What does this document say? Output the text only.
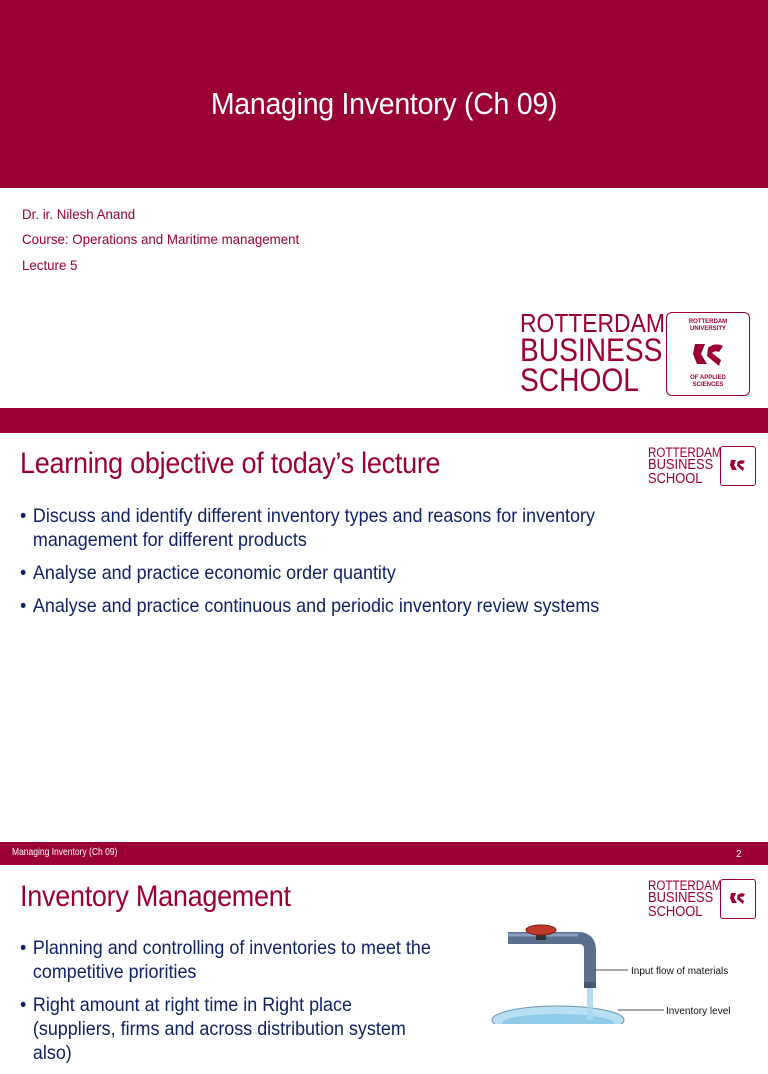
Managing Inventory (Ch 09)
Dr. ir. Nilesh Anand
Course: Operations and Maritime management
Lecture 5
ROTTERDAM
BUSINESS
SCHOOL
ROTTERDAM UNIVERSITY
OF APPLIED SCIENCES
Learning objective of today’s lecture	ROTTERDAM
BUSINESS
SCHOOL
• Discuss and identify different inventory types and reasons for inventory management for different products
• Analyse and practice economic order quantity
• Analyse and practice continuous and periodic inventory review systems
Managing Inventory (Ch 09)	2
Inventory Management	ROTTERDAM
BUSINESS
SCHOOL
• Planning and controlling of inventories to meet the competitive priorities
• Right amount at right time in Right place (suppliers, firms and across distribution system also)
Input flow of materials
Inventory level
